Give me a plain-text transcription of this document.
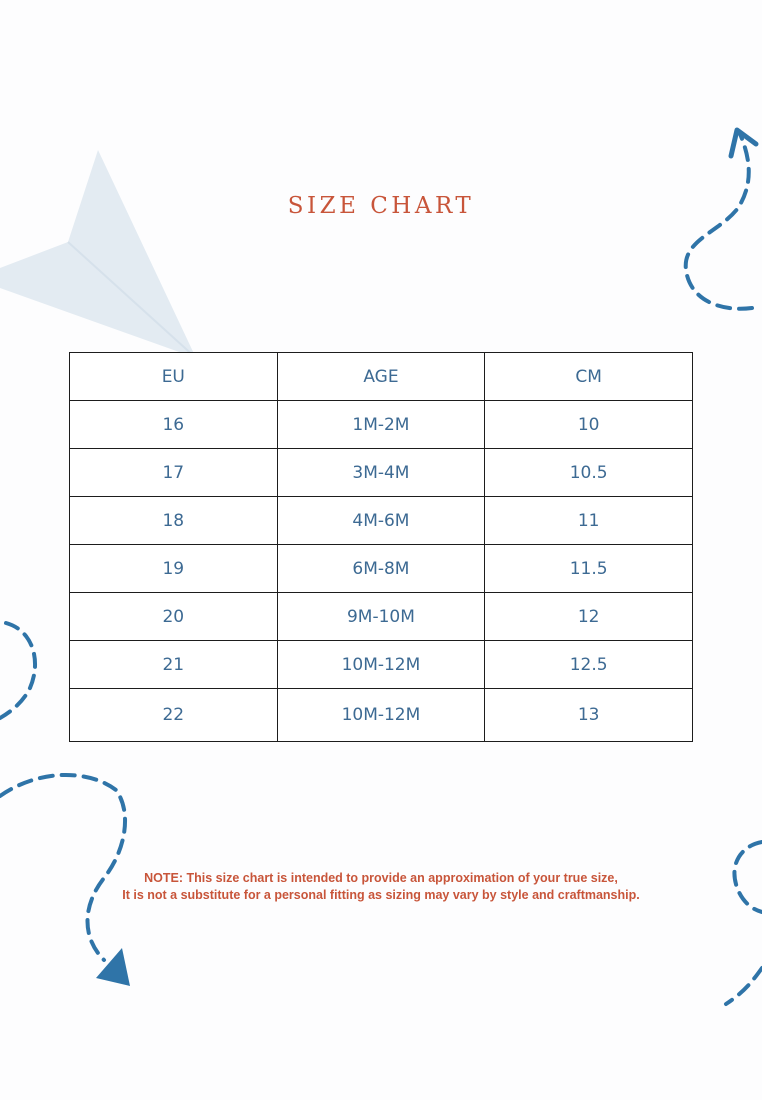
SIZE CHART
EU	AGE	CM
16	1M-2M	10
17	3M-4M	10.5
18	4M-6M	11
19	6M-8M	11.5
20	9M-10M	12
21	10M-12M	12.5
22	10M-12M	13
NOTE: This size chart is intended to provide an approximation of your true size,
It is not a substitute for a personal fitting as sizing may vary by style and craftmanship.
